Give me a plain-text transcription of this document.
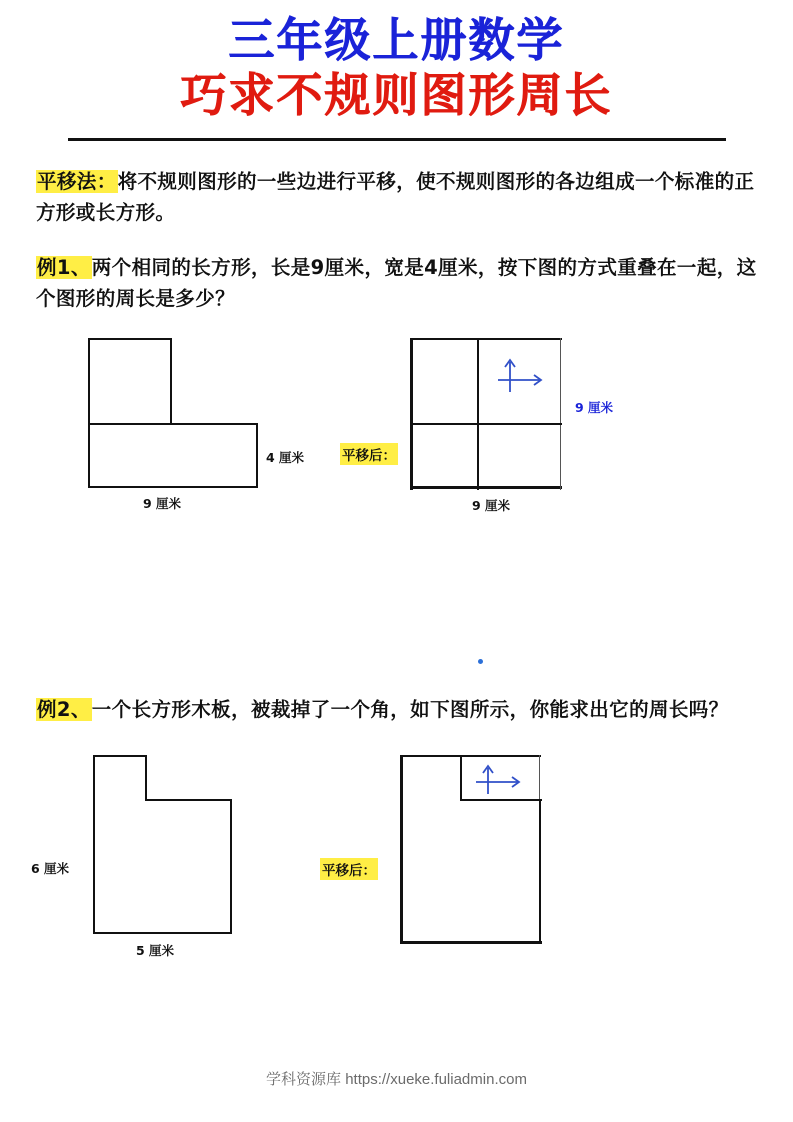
三年级上册数学
巧求不规则图形周长
平移法：将不规则图形的一些边进行平移，使不规则图形的各边组成一个标准的正方形或长方形。
例1、两个相同的长方形，长是9厘米，宽是4厘米，按下图的方式重叠在一起，这个图形的周长是多少？
9 厘米
4 厘米	平移后：
9 厘米
9 厘米
例2、一个长方形木板，被裁掉了一个角，如下图所示，你能求出它的周长吗？
6 厘米
5 厘米
平移后：
学科资源库 https://xueke.fuliadmin.com
